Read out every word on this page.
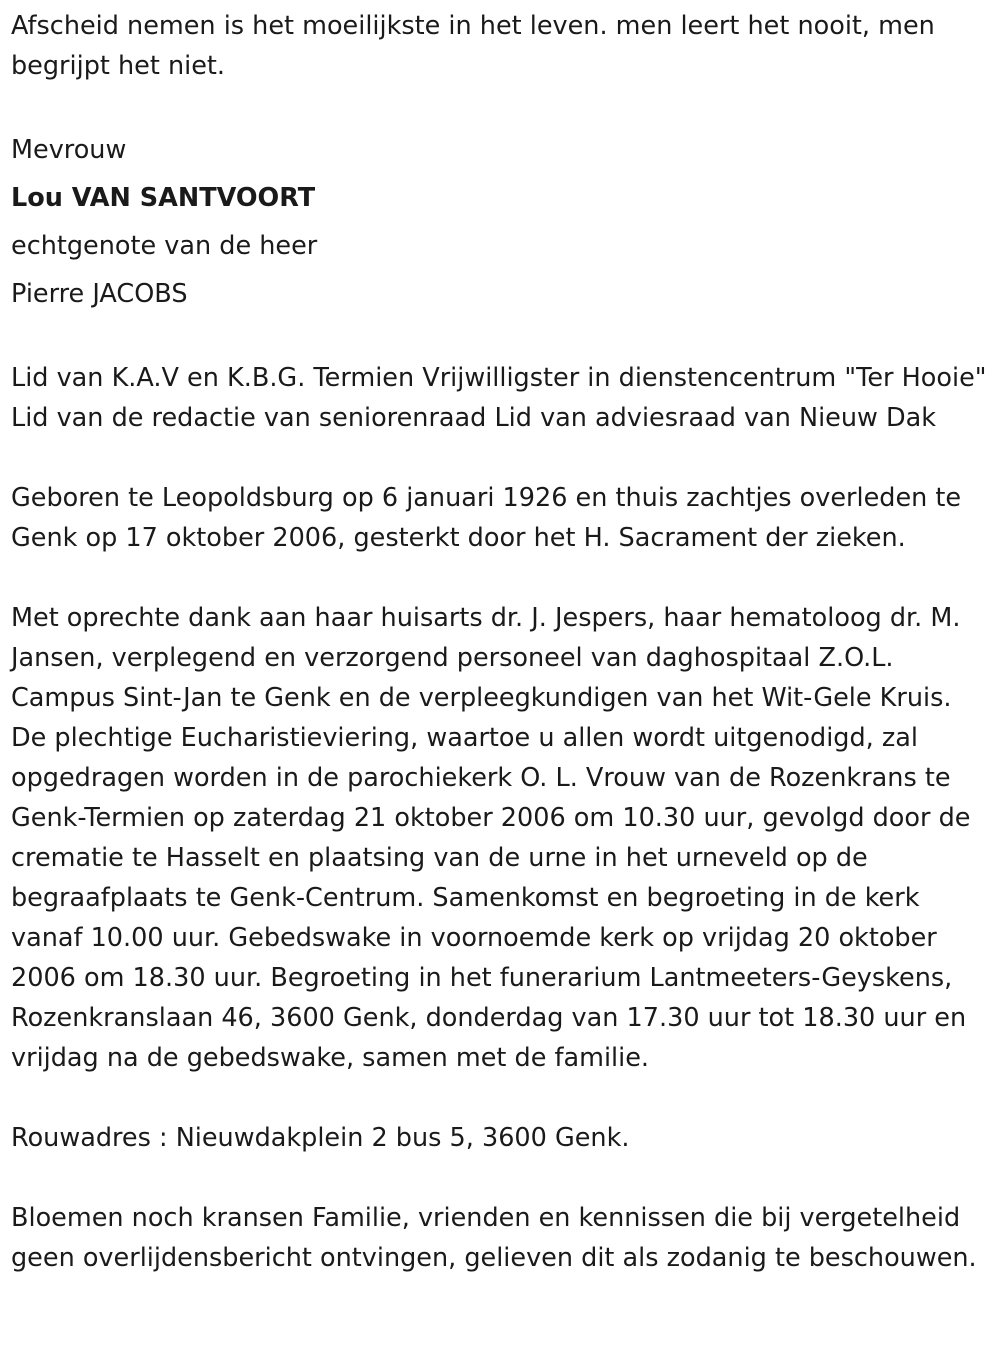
Afscheid nemen is het moeilijkste in het leven. men leert het nooit, men begrijpt het niet.

Mevrouw

Lou VAN SANTVOORT

echtgenote van de heer

Pierre JACOBS

Lid van K.A.V en K.B.G. Termien Vrijwilligster in dienstencentrum "Ter Hooie" Lid van de redactie van seniorenraad Lid van adviesraad van Nieuw Dak

Geboren te Leopoldsburg op 6 januari 1926 en thuis zachtjes overleden te Genk op 17 oktober 2006, gesterkt door het H. Sacrament der zieken.

Met oprechte dank aan haar huisarts dr. J. Jespers, haar hematoloog dr. M. Jansen, verplegend en verzorgend personeel van daghospitaal Z.O.L. Campus Sint-Jan te Genk en de verpleegkundigen van het Wit-Gele Kruis. De plechtige Eucharistieviering, waartoe u allen wordt uitgenodigd, zal opgedragen worden in de parochiekerk O. L. Vrouw van de Rozenkrans te Genk-Termien op zaterdag 21 oktober 2006 om 10.30 uur, gevolgd door de crematie te Hasselt en plaatsing van de urne in het urneveld op de begraafplaats te Genk-Centrum. Samenkomst en begroeting in de kerk vanaf 10.00 uur. Gebedswake in voornoemde kerk op vrijdag 20 oktober 2006 om 18.30 uur. Begroeting in het funerarium Lantmeeters-Geyskens, Rozenkranslaan 46, 3600 Genk, donderdag van 17.30 uur tot 18.30 uur en vrijdag na de gebedswake, samen met de familie.

Rouwadres : Nieuwdakplein 2 bus 5, 3600 Genk.

Bloemen noch kransen Familie, vrienden en kennissen die bij vergetelheid geen overlijdensbericht ontvingen, gelieven dit als zodanig te beschouwen.
